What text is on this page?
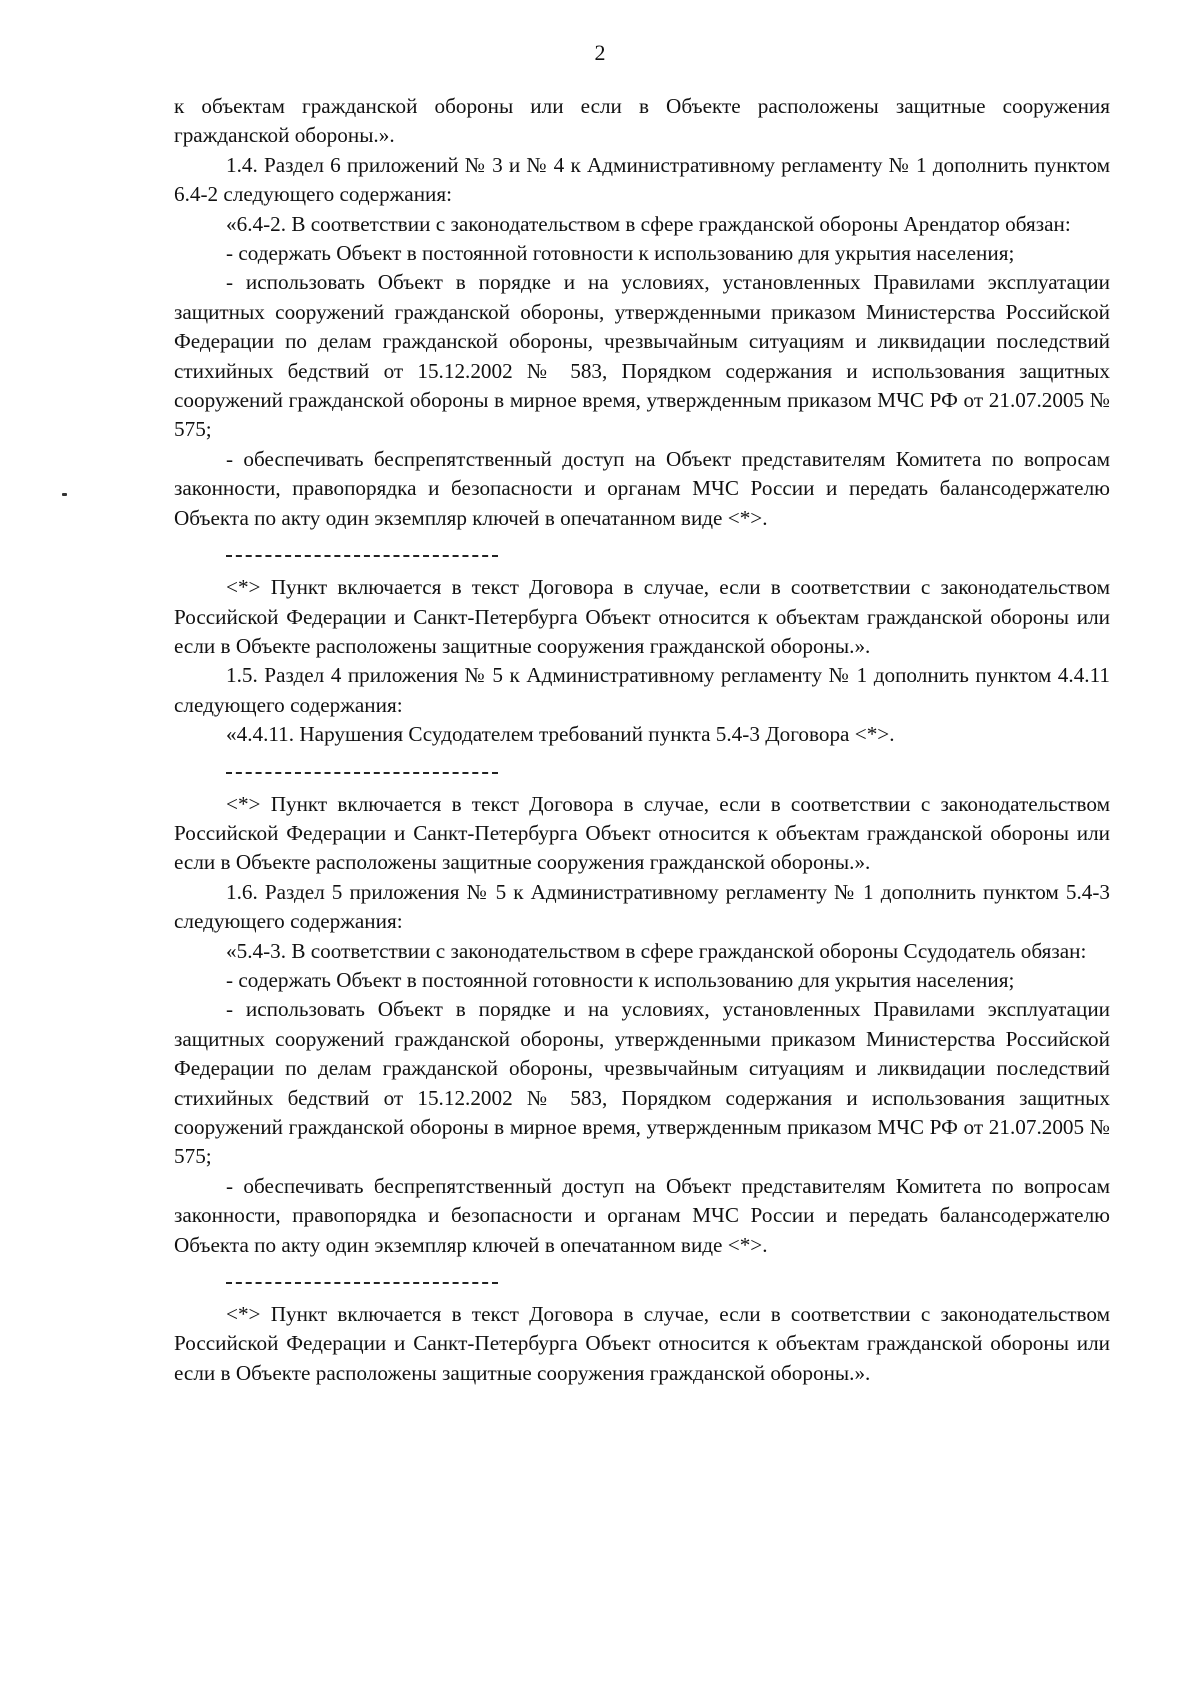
2

к объектам гражданской обороны или если в Объекте расположены защитные сооружения гражданской обороны.».

1.4. Раздел 6 приложений № 3 и № 4 к Административному регламенту № 1 дополнить пунктом 6.4-2 следующего содержания:

«6.4-2. В соответствии с законодательством в сфере гражданской обороны Арендатор обязан:

- содержать Объект в постоянной готовности к использованию для укрытия населения;

- использовать Объект в порядке и на условиях, установленных Правилами эксплуатации защитных сооружений гражданской обороны, утвержденными приказом Министерства Российской Федерации по делам гражданской обороны, чрезвычайным ситуациям и ликвидации последствий стихийных бедствий от 15.12.2002 № 583, Порядком содержания и использования защитных сооружений гражданской обороны в мирное время, утвержденным приказом МЧС РФ от 21.07.2005 № 575;

- обеспечивать беспрепятственный доступ на Объект представителям Комитета по вопросам законности, правопорядка и безопасности и органам МЧС России и передать балансодержателю Объекта по акту один экземпляр ключей в опечатанном виде <*>.

<*> Пункт включается в текст Договора в случае, если в соответствии с законодательством Российской Федерации и Санкт-Петербурга Объект относится к объектам гражданской обороны или если в Объекте расположены защитные сооружения гражданской обороны.».

1.5. Раздел 4 приложения № 5 к Административному регламенту № 1 дополнить пунктом 4.4.11 следующего содержания:

«4.4.11. Нарушения Ссудодателем требований пункта 5.4-3 Договора <*>.

<*> Пункт включается в текст Договора в случае, если в соответствии с законодательством Российской Федерации и Санкт-Петербурга Объект относится к объектам гражданской обороны или если в Объекте расположены защитные сооружения гражданской обороны.».

1.6. Раздел 5 приложения № 5 к Административному регламенту № 1 дополнить пунктом 5.4-3 следующего содержания:

«5.4-3. В соответствии с законодательством в сфере гражданской обороны Ссудодатель обязан:

- содержать Объект в постоянной готовности к использованию для укрытия населения;

- использовать Объект в порядке и на условиях, установленных Правилами эксплуатации защитных сооружений гражданской обороны, утвержденными приказом Министерства Российской Федерации по делам гражданской обороны, чрезвычайным ситуациям и ликвидации последствий стихийных бедствий от 15.12.2002 № 583, Порядком содержания и использования защитных сооружений гражданской обороны в мирное время, утвержденным приказом МЧС РФ от 21.07.2005 № 575;

- обеспечивать беспрепятственный доступ на Объект представителям Комитета по вопросам законности, правопорядка и безопасности и органам МЧС России и передать балансодержателю Объекта по акту один экземпляр ключей в опечатанном виде <*>.

<*> Пункт включается в текст Договора в случае, если в соответствии с законодательством Российской Федерации и Санкт-Петербурга Объект относится к объектам гражданской обороны или если в Объекте расположены защитные сооружения гражданской обороны.».
